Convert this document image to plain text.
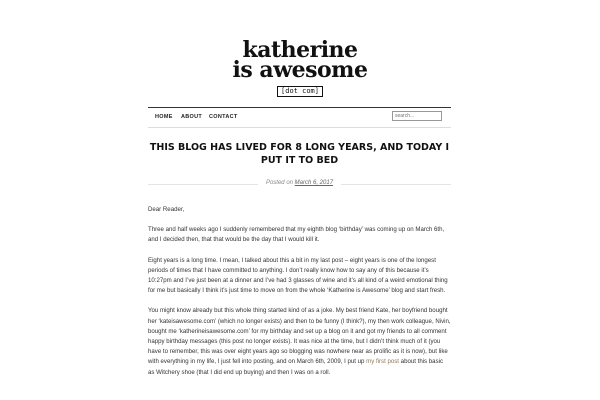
katherine
is awesome
[dot com]
HOME ABOUT CONTACT
search...
THIS BLOG HAS LIVED FOR 8 LONG YEARS, AND TODAY I PUT IT TO BED
Posted on March 6, 2017

Dear Reader,

Three and half weeks ago I suddenly remembered that my eighth blog ‘birthday’ was coming up on March 6th, and I decided then, that that would be the day that I would kill it.

Eight years is a long time. I mean, I talked about this a bit in my last post – eight years is one of the longest periods of times that I have committed to anything. I don’t really know how to say any of this because it’s 10:27pm and I’ve just been at a dinner and I’ve had 3 glasses of wine and it’s all kind of a weird emotional thing for me but basically I think it’s just time to move on from the whole ‘Katherine is Awesome’ blog and start fresh.

You might know already but this whole thing started kind of as a joke. My best friend Kate, her boyfriend bought her ‘kateisawesome.com’ (which no longer exists) and then to be funny (I think?), my then work colleague, Nivin, bought me ‘katherineisawesome.com’ for my birthday and set up a blog on it and got my friends to all comment happy birthday messages (this post no longer exists). It was nice at the time, but I didn’t think much of it (you have to remember, this was over eight years ago so blogging was nowhere near as prolific as it is now), but like with everything in my life, I just fell into posting, and on March 6th, 2009, I put up my first post about this basic as Witchery shoe (that I did end up buying) and then I was on a roll.
